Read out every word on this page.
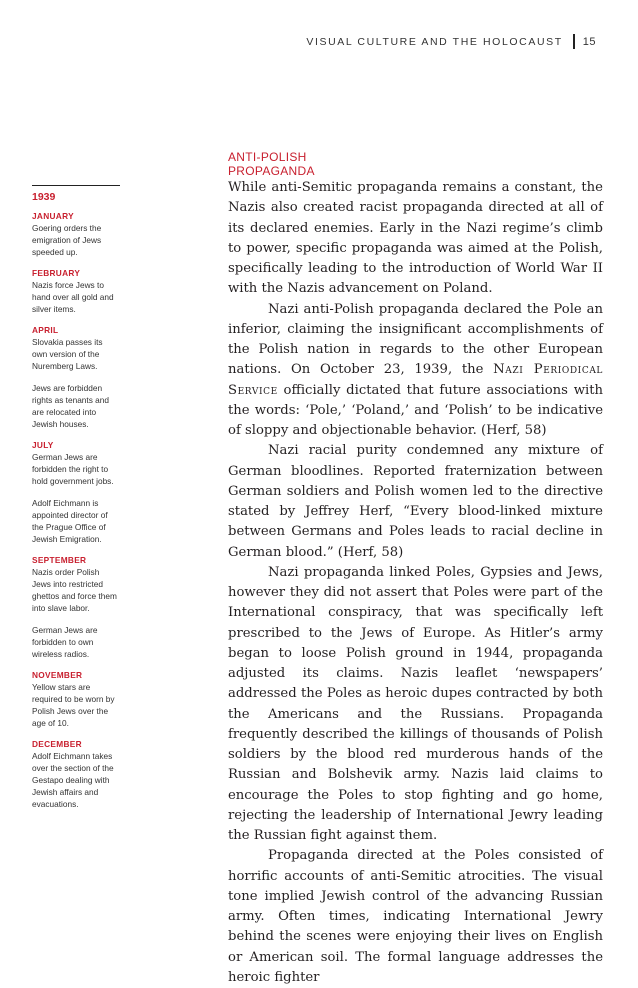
VISUAL CULTURE AND THE HOLOCAUST 15
1939
JANUARY
Goering orders the emigration of Jews speeded up.
FEBRUARY
Nazis force Jews to hand over all gold and silver items.
APRIL
Slovakia passes its own version of the Nuremberg Laws.
Jews are forbidden rights as tenants and are relocated into Jewish houses.
JULY
German Jews are forbidden the right to hold government jobs.
Adolf Eichmann is appointed director of the Prague Office of Jewish Emigration.
SEPTEMBER
Nazis order Polish Jews into restricted ghettos and force them into slave labor.
German Jews are forbidden to own wireless radios.
NOVEMBER
Yellow stars are required to be worn by Polish Jews over the age of 10.
DECEMBER
Adolf Eichmann takes over the section of the Gestapo dealing with Jewish affairs and evacuations.
ANTI-POLISH
PROPAGANDA

While anti-Semitic propaganda remains a constant, the Nazis also created racist propaganda directed at all of its declared enemies. Early in the Nazi regime’s climb to power, specific propaganda was aimed at the Polish, specifically leading to the introduction of World War II with the Nazis advancement on Poland.

Nazi anti-Polish propaganda declared the Pole an inferior, claiming the insignificant accomplishments of the Polish nation in regards to the other European nations. On October 23, 1939, the Nazi Periodical Service officially dictated that future associations with the words: ‘Pole,’ ‘Poland,’ and ‘Polish’ to be indicative of sloppy and objectionable behavior. (Herf, 58)

Nazi racial purity condemned any mixture of German bloodlines. Reported fraternization between German soldiers and Polish women led to the directive stated by Jeffrey Herf, “Every blood-linked mixture between Germans and Poles leads to racial decline in German blood.” (Herf, 58)

Nazi propaganda linked Poles, Gypsies and Jews, however they did not assert that Poles were part of the International conspiracy, that was specifically left prescribed to the Jews of Europe. As Hitler’s army began to loose Polish ground in 1944, propaganda adjusted its claims. Nazis leaflet ‘newspapers’ addressed the Poles as heroic dupes contracted by both the Americans and the Russians. Propaganda frequently described the killings of thousands of Polish soldiers by the blood red murderous hands of the Russian and Bolshevik army. Nazis laid claims to encourage the Poles to stop fighting and go home, rejecting the leadership of International Jewry leading the Russian fight against them.

Propaganda directed at the Poles consisted of horrific accounts of anti-Semitic atrocities. The visual tone implied Jewish control of the advancing Russian army. Often times, indicating International Jewry behind the scenes were enjoying their lives on English or American soil. The formal language addresses the heroic fighter
